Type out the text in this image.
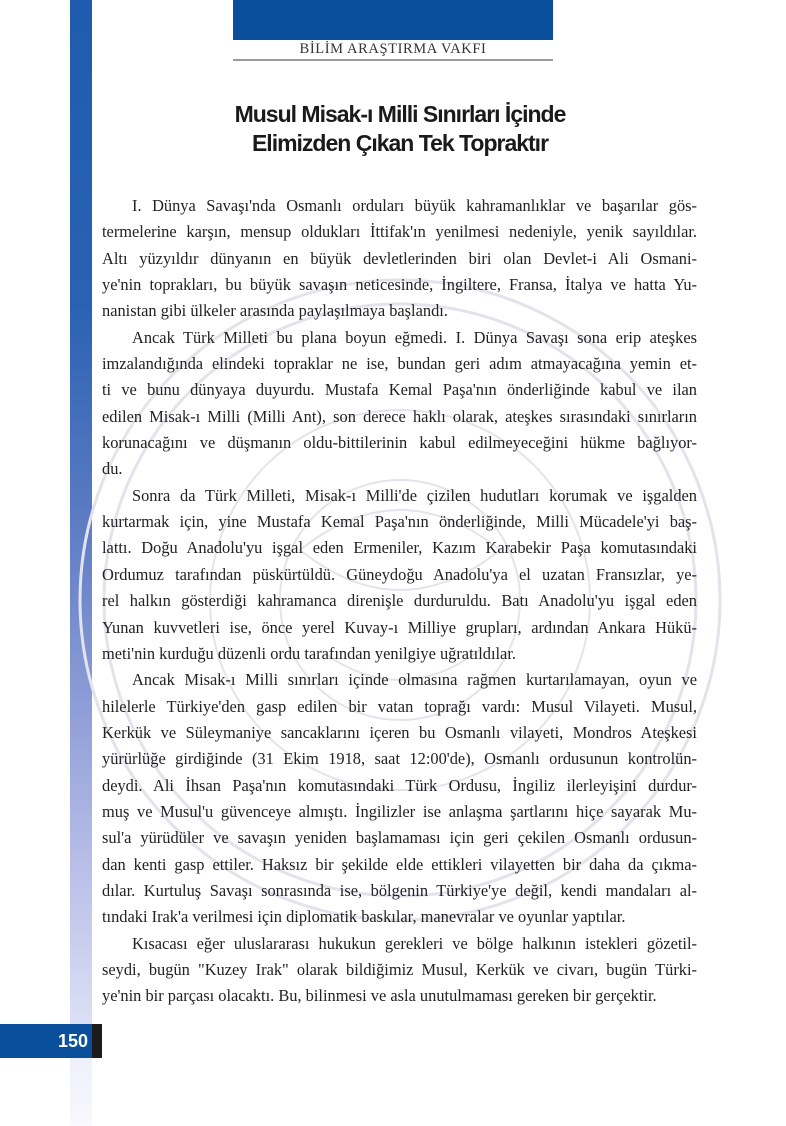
BİLİM ARAŞTIRMA VAKFI
Musul Misak-ı Milli Sınırları İçinde
Elimizden Çıkan Tek Topraktır
I. Dünya Savaşı'nda Osmanlı orduları büyük kahramanlıklar ve başarılar gös-
termelerine karşın, mensup oldukları İttifak'ın yenilmesi nedeniyle, yenik sayıldılar.
Altı yüzyıldır dünyanın en büyük devletlerinden biri olan Devlet-i Ali Osmani-
ye'nin toprakları, bu büyük savaşın neticesinde, İngiltere, Fransa, İtalya ve hatta Yu-
nanistan gibi ülkeler arasında paylaşılmaya başlandı.
Ancak Türk Milleti bu plana boyun eğmedi. I. Dünya Savaşı sona erip ateşkes
imzalandığında elindeki topraklar ne ise, bundan geri adım atmayacağına yemin et-
ti ve bunu dünyaya duyurdu. Mustafa Kemal Paşa'nın önderliğinde kabul ve ilan
edilen Misak-ı Milli (Milli Ant), son derece haklı olarak, ateşkes sırasındaki sınırların
korunacağını ve düşmanın oldu-bittilerinin kabul edilmeyeceğini hükme bağlıyor-
du.
Sonra da Türk Milleti, Misak-ı Milli'de çizilen hudutları korumak ve işgalden
kurtarmak için, yine Mustafa Kemal Paşa'nın önderliğinde, Milli Mücadele'yi baş-
lattı. Doğu Anadolu'yu işgal eden Ermeniler, Kazım Karabekir Paşa komutasındaki
Ordumuz tarafından püskürtüldü. Güneydoğu Anadolu'ya el uzatan Fransızlar, ye-
rel halkın gösterdiği kahramanca direnişle durduruldu. Batı Anadolu'yu işgal eden
Yunan kuvvetleri ise, önce yerel Kuvay-ı Milliye grupları, ardından Ankara Hükü-
meti'nin kurduğu düzenli ordu tarafından yenilgiye uğratıldılar.
Ancak Misak-ı Milli sınırları içinde olmasına rağmen kurtarılamayan, oyun ve
hilelerle Türkiye'den gasp edilen bir vatan toprağı vardı: Musul Vilayeti. Musul,
Kerkük ve Süleymaniye sancaklarını içeren bu Osmanlı vilayeti, Mondros Ateşkesi
yürürlüğe girdiğinde (31 Ekim 1918, saat 12:00'de), Osmanlı ordusunun kontrolün-
deydi. Ali İhsan Paşa'nın komutasındaki Türk Ordusu, İngiliz ilerleyişini durdur-
muş ve Musul'u güvenceye almıştı. İngilizler ise anlaşma şartlarını hiçe sayarak Mu-
sul'a yürüdüler ve savaşın yeniden başlamaması için geri çekilen Osmanlı ordusun-
dan kenti gasp ettiler. Haksız bir şekilde elde ettikleri vilayetten bir daha da çıkma-
dılar. Kurtuluş Savaşı sonrasında ise, bölgenin Türkiye'ye değil, kendi mandaları al-
tındaki Irak'a verilmesi için diplomatik baskılar, manevralar ve oyunlar yaptılar.
Kısacası eğer uluslararası hukukun gerekleri ve bölge halkının istekleri gözetil-
seydi, bugün "Kuzey Irak" olarak bildiğimiz Musul, Kerkük ve civarı, bugün Türki-
ye'nin bir parçası olacaktı. Bu, bilinmesi ve asla unutulmaması gereken bir gerçektir.
150
